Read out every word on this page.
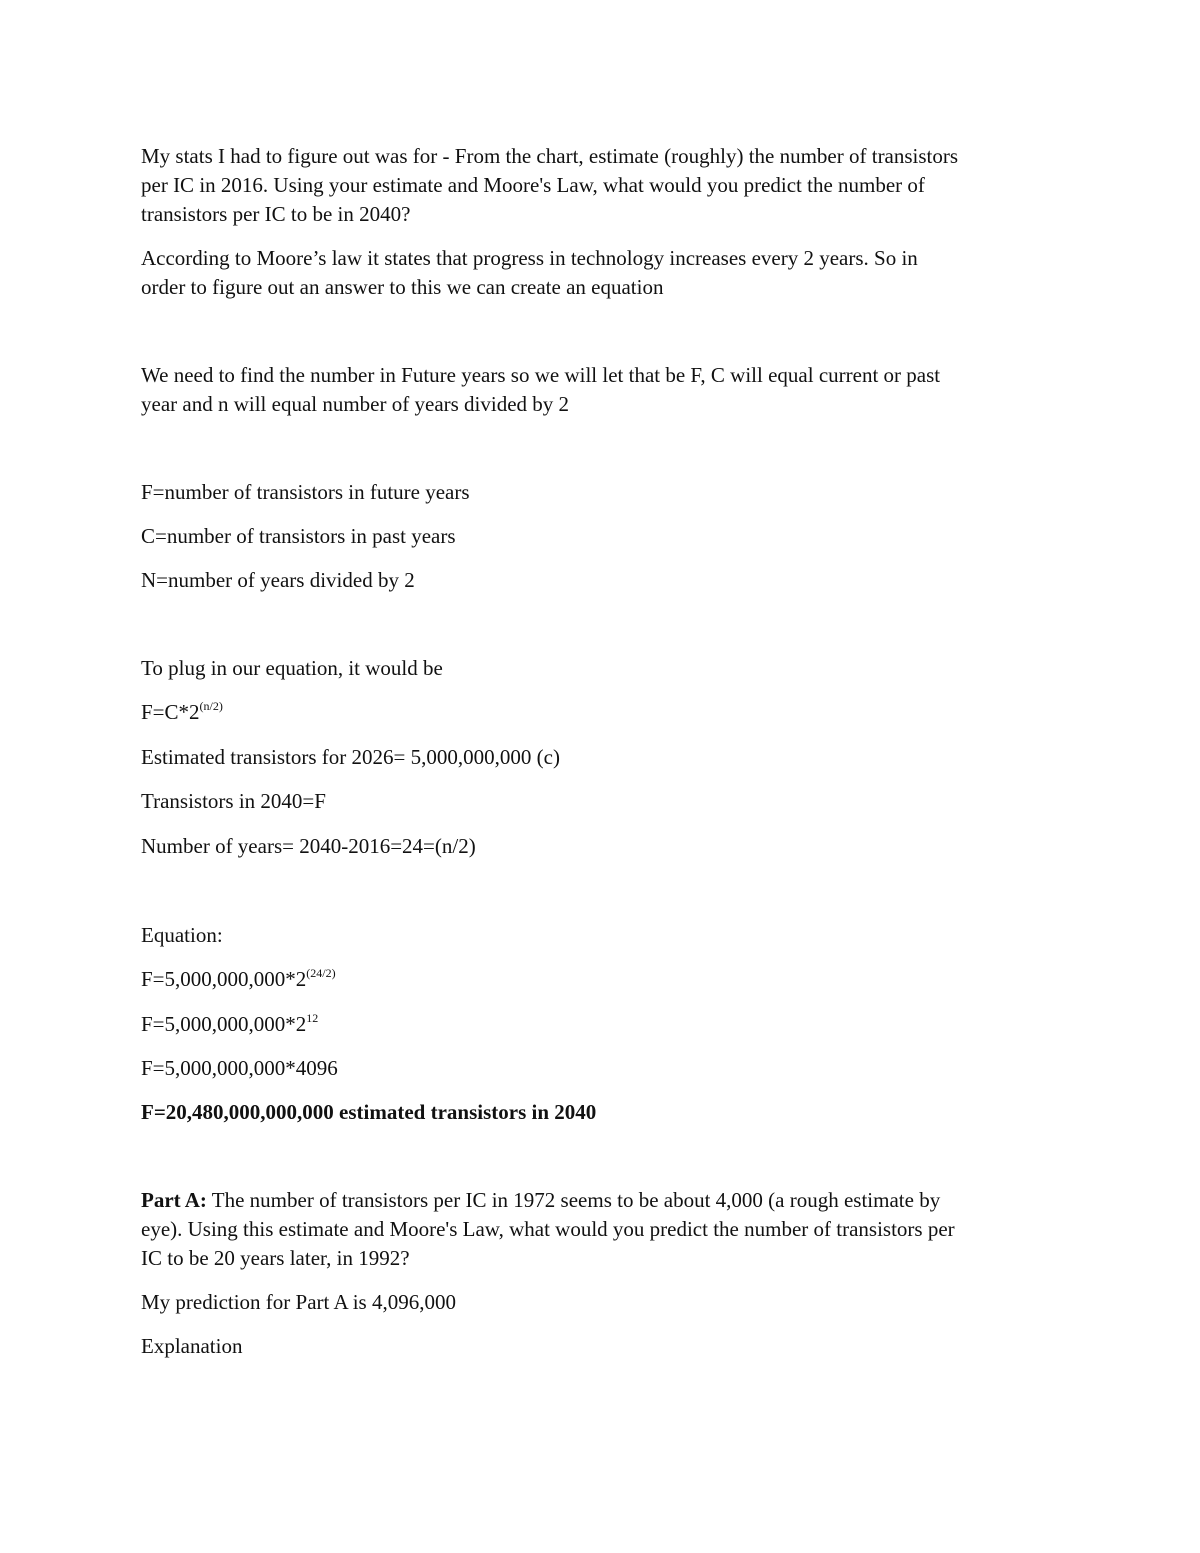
My stats I had to figure out was for - From the chart, estimate (roughly) the number of transistors
per IC in 2016. Using your estimate and Moore's Law, what would you predict the number of
transistors per IC to be in 2040?
According to Moore’s law it states that progress in technology increases every 2 years. So in
order to figure out an answer to this we can create an equation
We need to find the number in Future years so we will let that be F, C will equal current or past
year and n will equal number of years divided by 2
F=number of transistors in future years
C=number of transistors in past years
N=number of years divided by 2
To plug in our equation, it would be
$F=C*2^{(n/2)}$
Estimated transistors for 2026= 5,000,000,000 (c)
Transistors in 2040=F
Number of years= 2040-2016=24=(n/2)
Equation:
$F=5,000,000,000*2^{(24/2)}$
$F=5,000,000,000*2^{12}$
F=5,000,000,000*4096
F=20,480,000,000,000 estimated transistors in 2040
Part A: The number of transistors per IC in 1972 seems to be about 4,000 (a rough estimate by
eye). Using this estimate and Moore's Law, what would you predict the number of transistors per
IC to be 20 years later, in 1992?
My prediction for Part A is 4,096,000
Explanation
